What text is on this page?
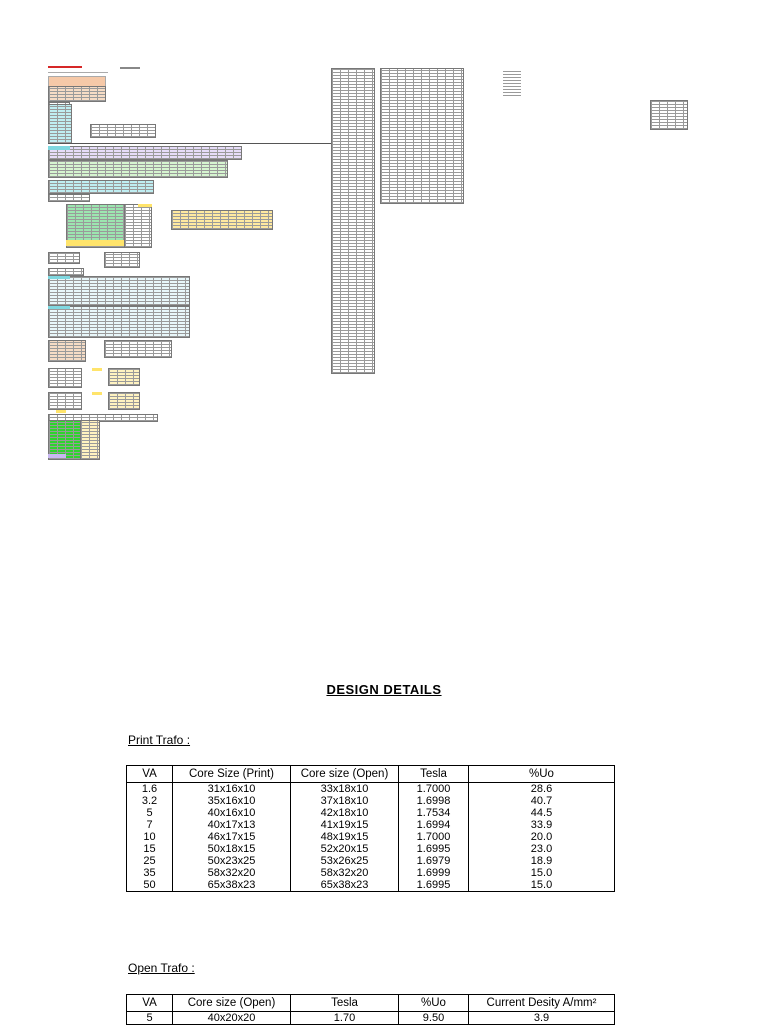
DESIGN DETAILS
Print Trafo :
VA	Core Size (Print)	Core size (Open)	Tesla	%Uo
1.6	31x16x10	33x18x10	1.7000	28.6
3.2	35x16x10	37x18x10	1.6998	40.7
5	40x16x10	42x18x10	1.7534	44.5
7	40x17x13	41x19x15	1.6994	33.9
10	46x17x15	48x19x15	1.7000	20.0
15	50x18x15	52x20x15	1.6995	23.0
25	50x23x25	53x26x25	1.6979	18.9
35	58x32x20	58x32x20	1.6999	15.0
50	65x38x23	65x38x23	1.6995	15.0
Open Trafo :
VA	Core size (Open)	Tesla	%Uo	Current Desity A/mm²
5	40x20x20	1.70	9.50	3.9
